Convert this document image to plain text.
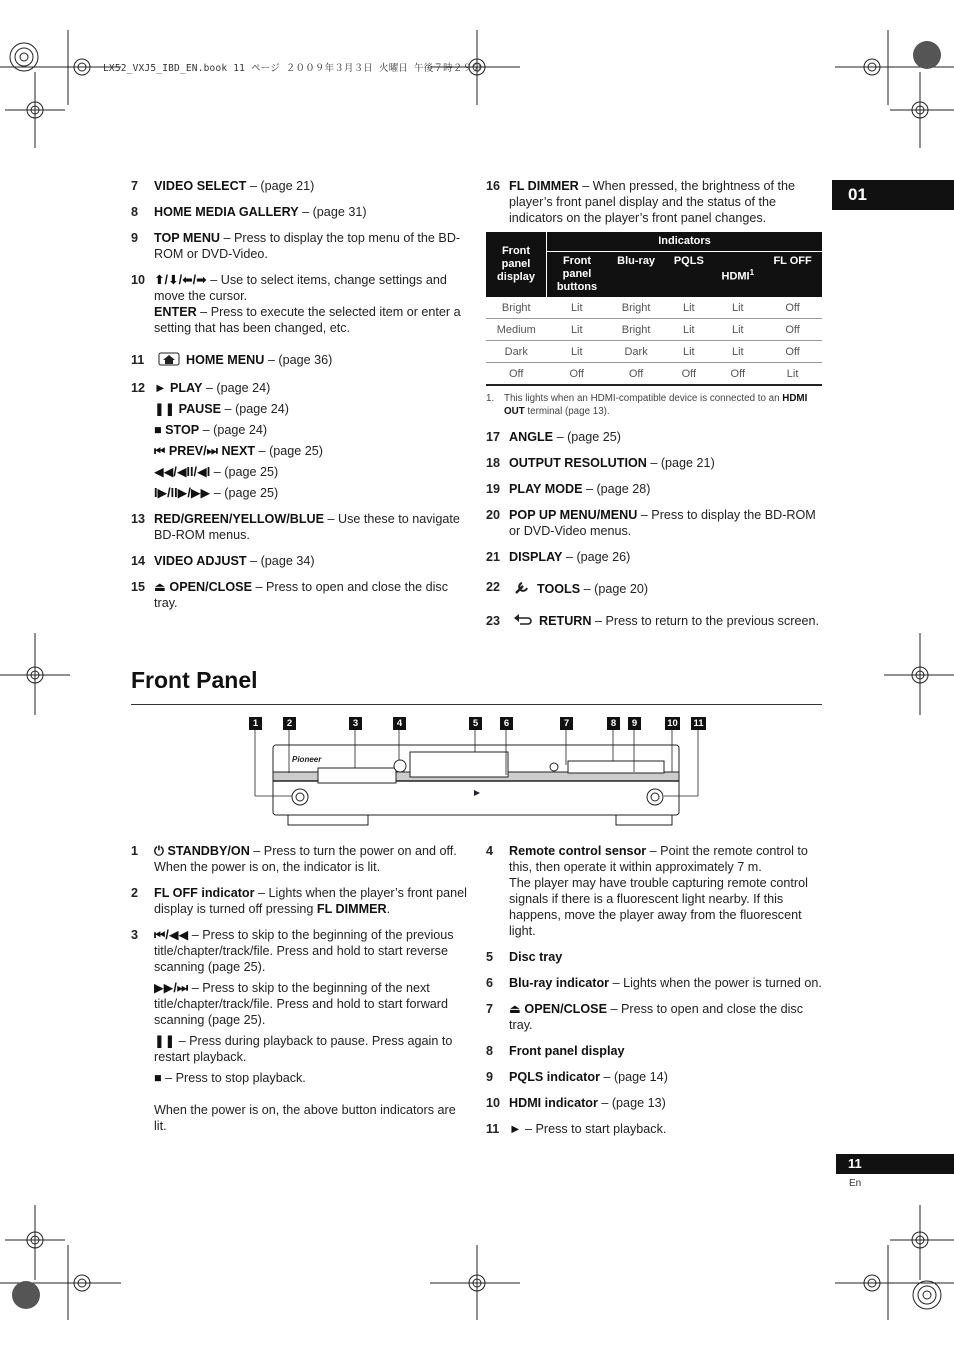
LX52_VXJ5_IBD_EN.book 11 ページ ２００９年３月３日 火曜日 午後７時２９分
01
11
En
7 VIDEO SELECT – (page 21)
8 HOME MEDIA GALLERY – (page 31)
9 TOP MENU – Press to display the top menu of the BD-ROM or DVD-Video.
10 ⬆/⬇/⬅/➡ – Use to select items, change settings and move the cursor.
ENTER – Press to execute the selected item or enter a setting that has been changed, etc.
11	HOME MENU – (page 36)
12 ► PLAY – (page 24)
❚❚ PAUSE – (page 24)
■ STOP – (page 24)
⏮ PREV/⏭ NEXT – (page 25)
◀◀/◀II/◀I – (page 25)
I▶/II▶/▶▶ – (page 25)
13 RED/GREEN/YELLOW/BLUE – Use these to navigate BD-ROM menus.
14 VIDEO ADJUST – (page 34)
15 ⏏ OPEN/CLOSE – Press to open and close the disc tray.
16 FL DIMMER – When pressed, the brightness of the player’s front panel display and the status of the indicators on the player’s front panel changes.
Front panel display	Indicators				
	Front panel buttons	Blu-ray	PQLS	HDMI$^1$	FL OFF
Bright	Lit	Bright	Lit	Lit	Off
Medium	Lit	Bright	Lit	Lit	Off
Dark	Lit	Dark	Lit	Lit	Off
Off	Off	Off	Off	Off	Lit
1. This lights when an HDMI-compatible device is connected to an HDMI OUT terminal (page 13).
17 ANGLE – (page 25)
18 OUTPUT RESOLUTION – (page 21)
19 PLAY MODE – (page 28)
20 POP UP MENU/MENU – Press to display the BD-ROM or DVD-Video menus.
21 DISPLAY – (page 26)
22	TOOLS – (page 20)
23	RETURN – Press to return to the previous screen.
Front Panel
1	2	3	4	5	6	7	8	9	10 11
Pioneer
1 ⏻ STANDBY/ON – Press to turn the power on and off. When the power is on, the indicator is lit.
2 FL OFF indicator – Lights when the player’s front panel display is turned off pressing FL DIMMER.
3 ⏮/◀◀ – Press to skip to the beginning of the previous title/chapter/track/file. Press and hold to start reverse scanning (page 25).
▶▶/⏭ – Press to skip to the beginning of the next title/chapter/track/file. Press and hold to start forward scanning (page 25).
❚❚ – Press during playback to pause. Press again to restart playback.
■ – Press to stop playback.
When the power is on, the above button indicators are lit.
4 Remote control sensor – Point the remote control to this, then operate it within approximately 7 m.
The player may have trouble capturing remote control signals if there is a fluorescent light nearby. If this happens, move the player away from the fluorescent light.
5 Disc tray
6 Blu-ray indicator – Lights when the power is turned on.
7 ⏏ OPEN/CLOSE – Press to open and close the disc tray.
8 Front panel display
9 PQLS indicator – (page 14)
10 HDMI indicator – (page 13)
11 ► – Press to start playback.
